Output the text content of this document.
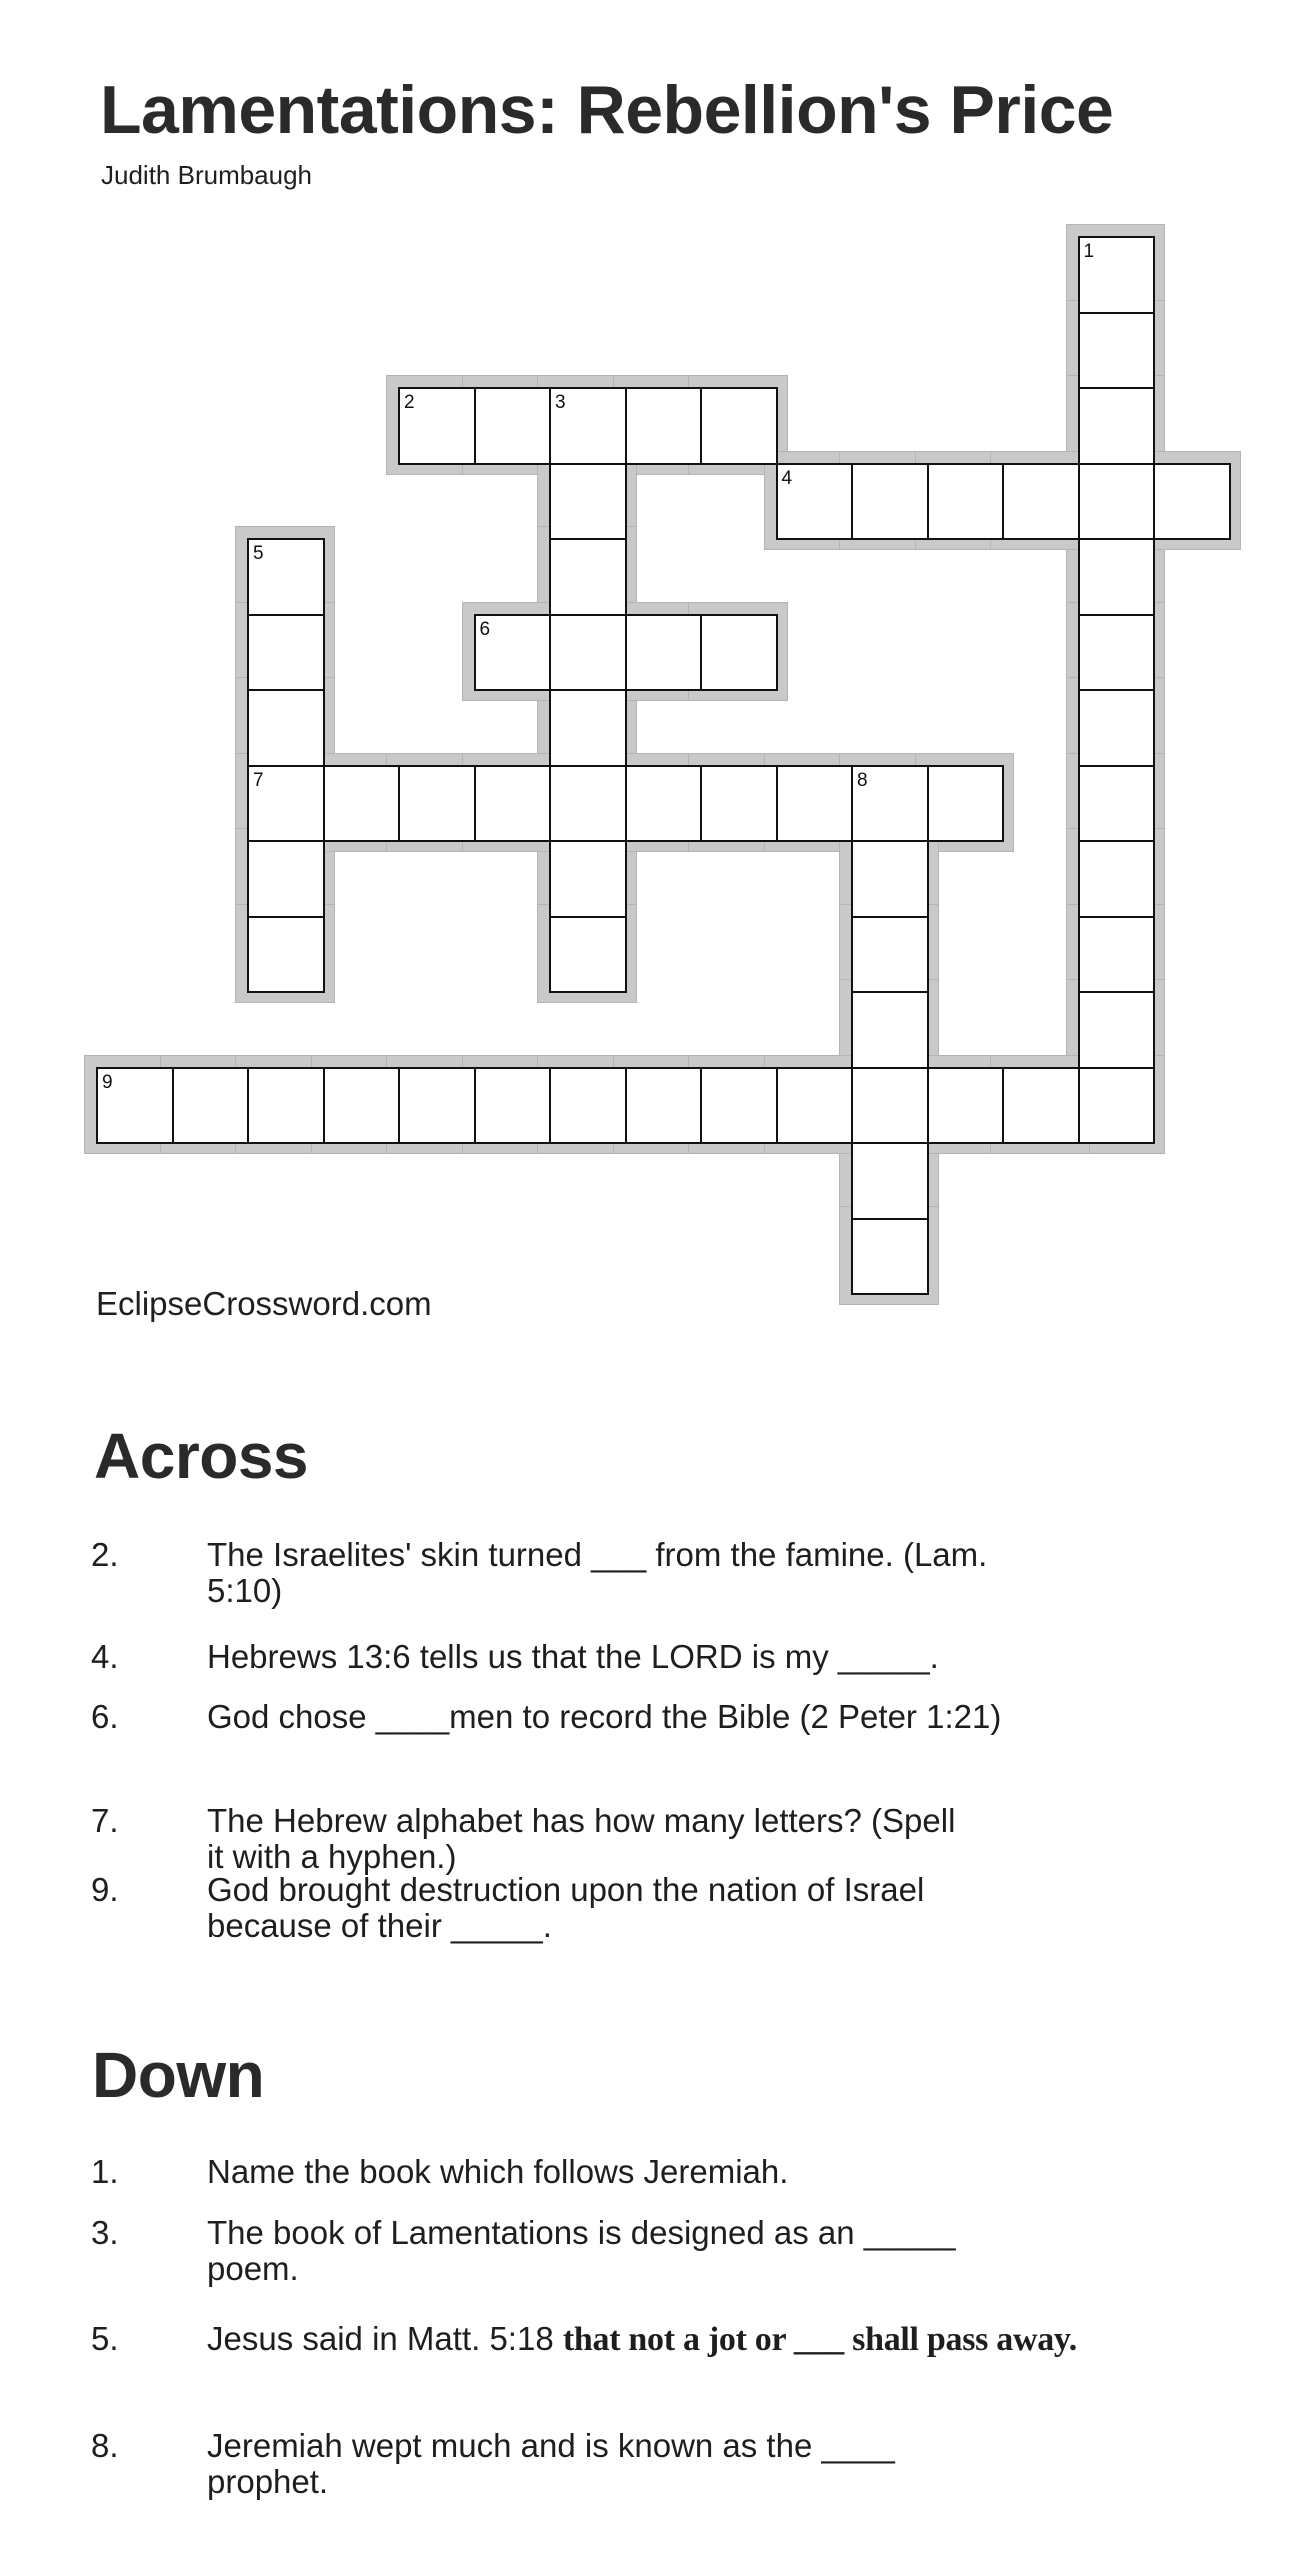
Lamentations: Rebellion's Price
Judith Brumbaugh
1
2	3
4
5
7
6
8
9
EclipseCrossword.com
Across
2.	The Israelites' skin turned ___ from the famine. (Lam. 5:10)
4.	Hebrews 13:6 tells us that the LORD is my _____.
6.	God chose ____men to record the Bible (2 Peter 1:21)
7.	The Hebrew alphabet has how many letters? (Spell it with a hyphen.)
9.	God brought destruction upon the nation of Israel because of their _____.
Down
1.	Name the book which follows Jeremiah.
3.	The book of Lamentations is designed as an _____ poem.
5.	Jesus said in Matt. 5:18 that not a jot or ___ shall pass away.
8.	Jeremiah wept much and is known as the ____ prophet.
